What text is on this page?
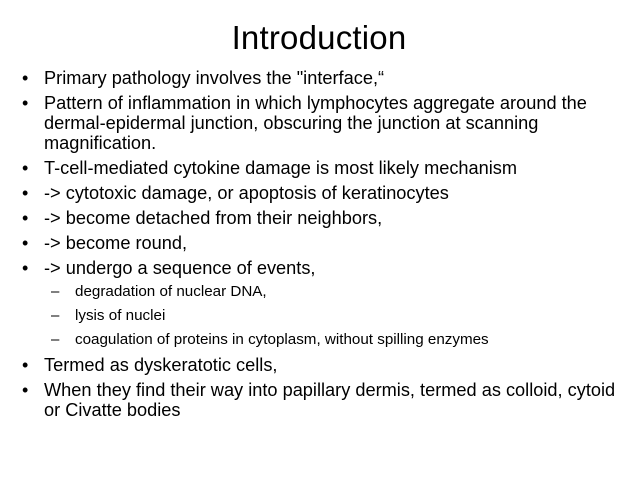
Introduction
• Primary pathology involves the "interface,“
• Pattern of inflammation in which lymphocytes aggregate around the dermal-epidermal junction, obscuring the junction at scanning magnification.
• T-cell-mediated cytokine damage is most likely mechanism
• -> cytotoxic damage, or apoptosis of keratinocytes
• -> become detached from their neighbors,
• -> become round,
• -> undergo a sequence of events,
– degradation of nuclear DNA,
– lysis of nuclei
– coagulation of proteins in cytoplasm, without spilling enzymes
• Termed as dyskeratotic cells,
• When they find their way into papillary dermis, termed as colloid, cytoid or Civatte bodies
